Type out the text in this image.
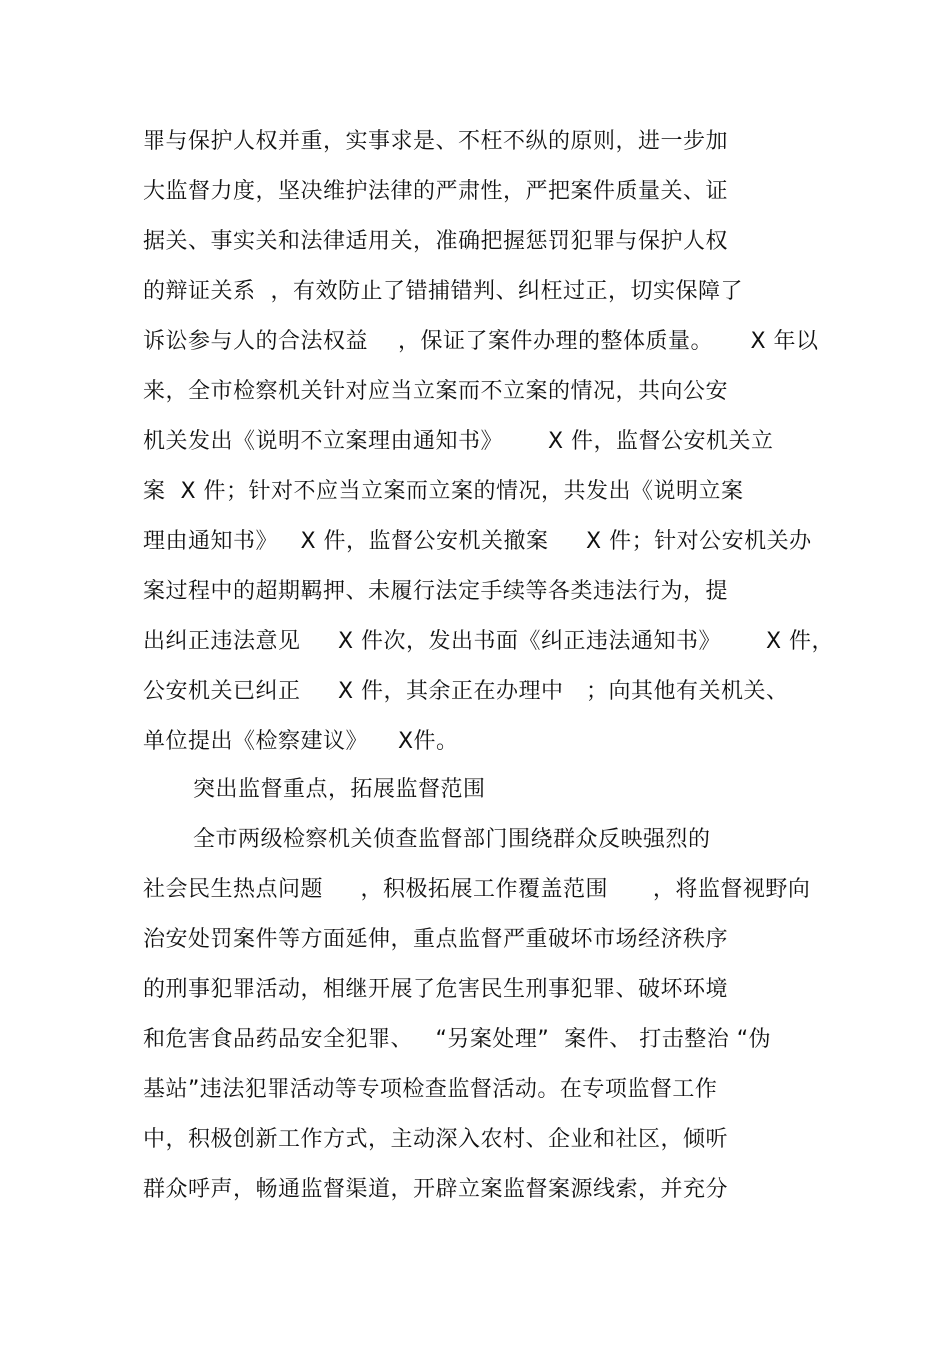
罪与保护人权并重，实事求是、不枉不纵的原则，进一步加
大监督力度，坚决维护法律的严肃性，严把案件质量关、证
据关、事实关和法律适用关，准确把握惩罚犯罪与保护人权
的辩证关系  ，有效防止了错捕错判、纠枉过正，切实保障了
诉讼参与人的合法权益    ，保证了案件办理的整体质量。     X 年以
来，全市检察机关针对应当立案而不立案的情况，共向公安
机关发出《说明不立案理由通知书》      X 件，监督公安机关立
案  X 件；针对不应当立案而立案的情况，共发出《说明立案
理由通知书》   X 件，监督公安机关撤案     X 件；针对公安机关办
案过程中的超期羁押、未履行法定手续等各类违法行为，提
出纠正违法意见     X 件次，发出书面《纠正违法通知书》      X 件，
公安机关已纠正     X 件，其余正在办理中   ；向其他有关机关、
单位提出《检察建议》    X件。
突出监督重点，拓展监督范围
全市两级检察机关侦查监督部门围绕群众反映强烈的
社会民生热点问题     ，积极拓展工作覆盖范围      ，将监督视野向
治安处罚案件等方面延伸，重点监督严重破坏市场经济秩序
的刑事犯罪活动，相继开展了危害民生刑事犯罪、破坏环境
和危害食品药品安全犯罪、   “另案处理”  案件、 打击整治 “伪
基站”违法犯罪活动等专项检查监督活动。在专项监督工作
中，积极创新工作方式，主动深入农村、企业和社区，倾听
群众呼声，畅通监督渠道，开辟立案监督案源线索，并充分
